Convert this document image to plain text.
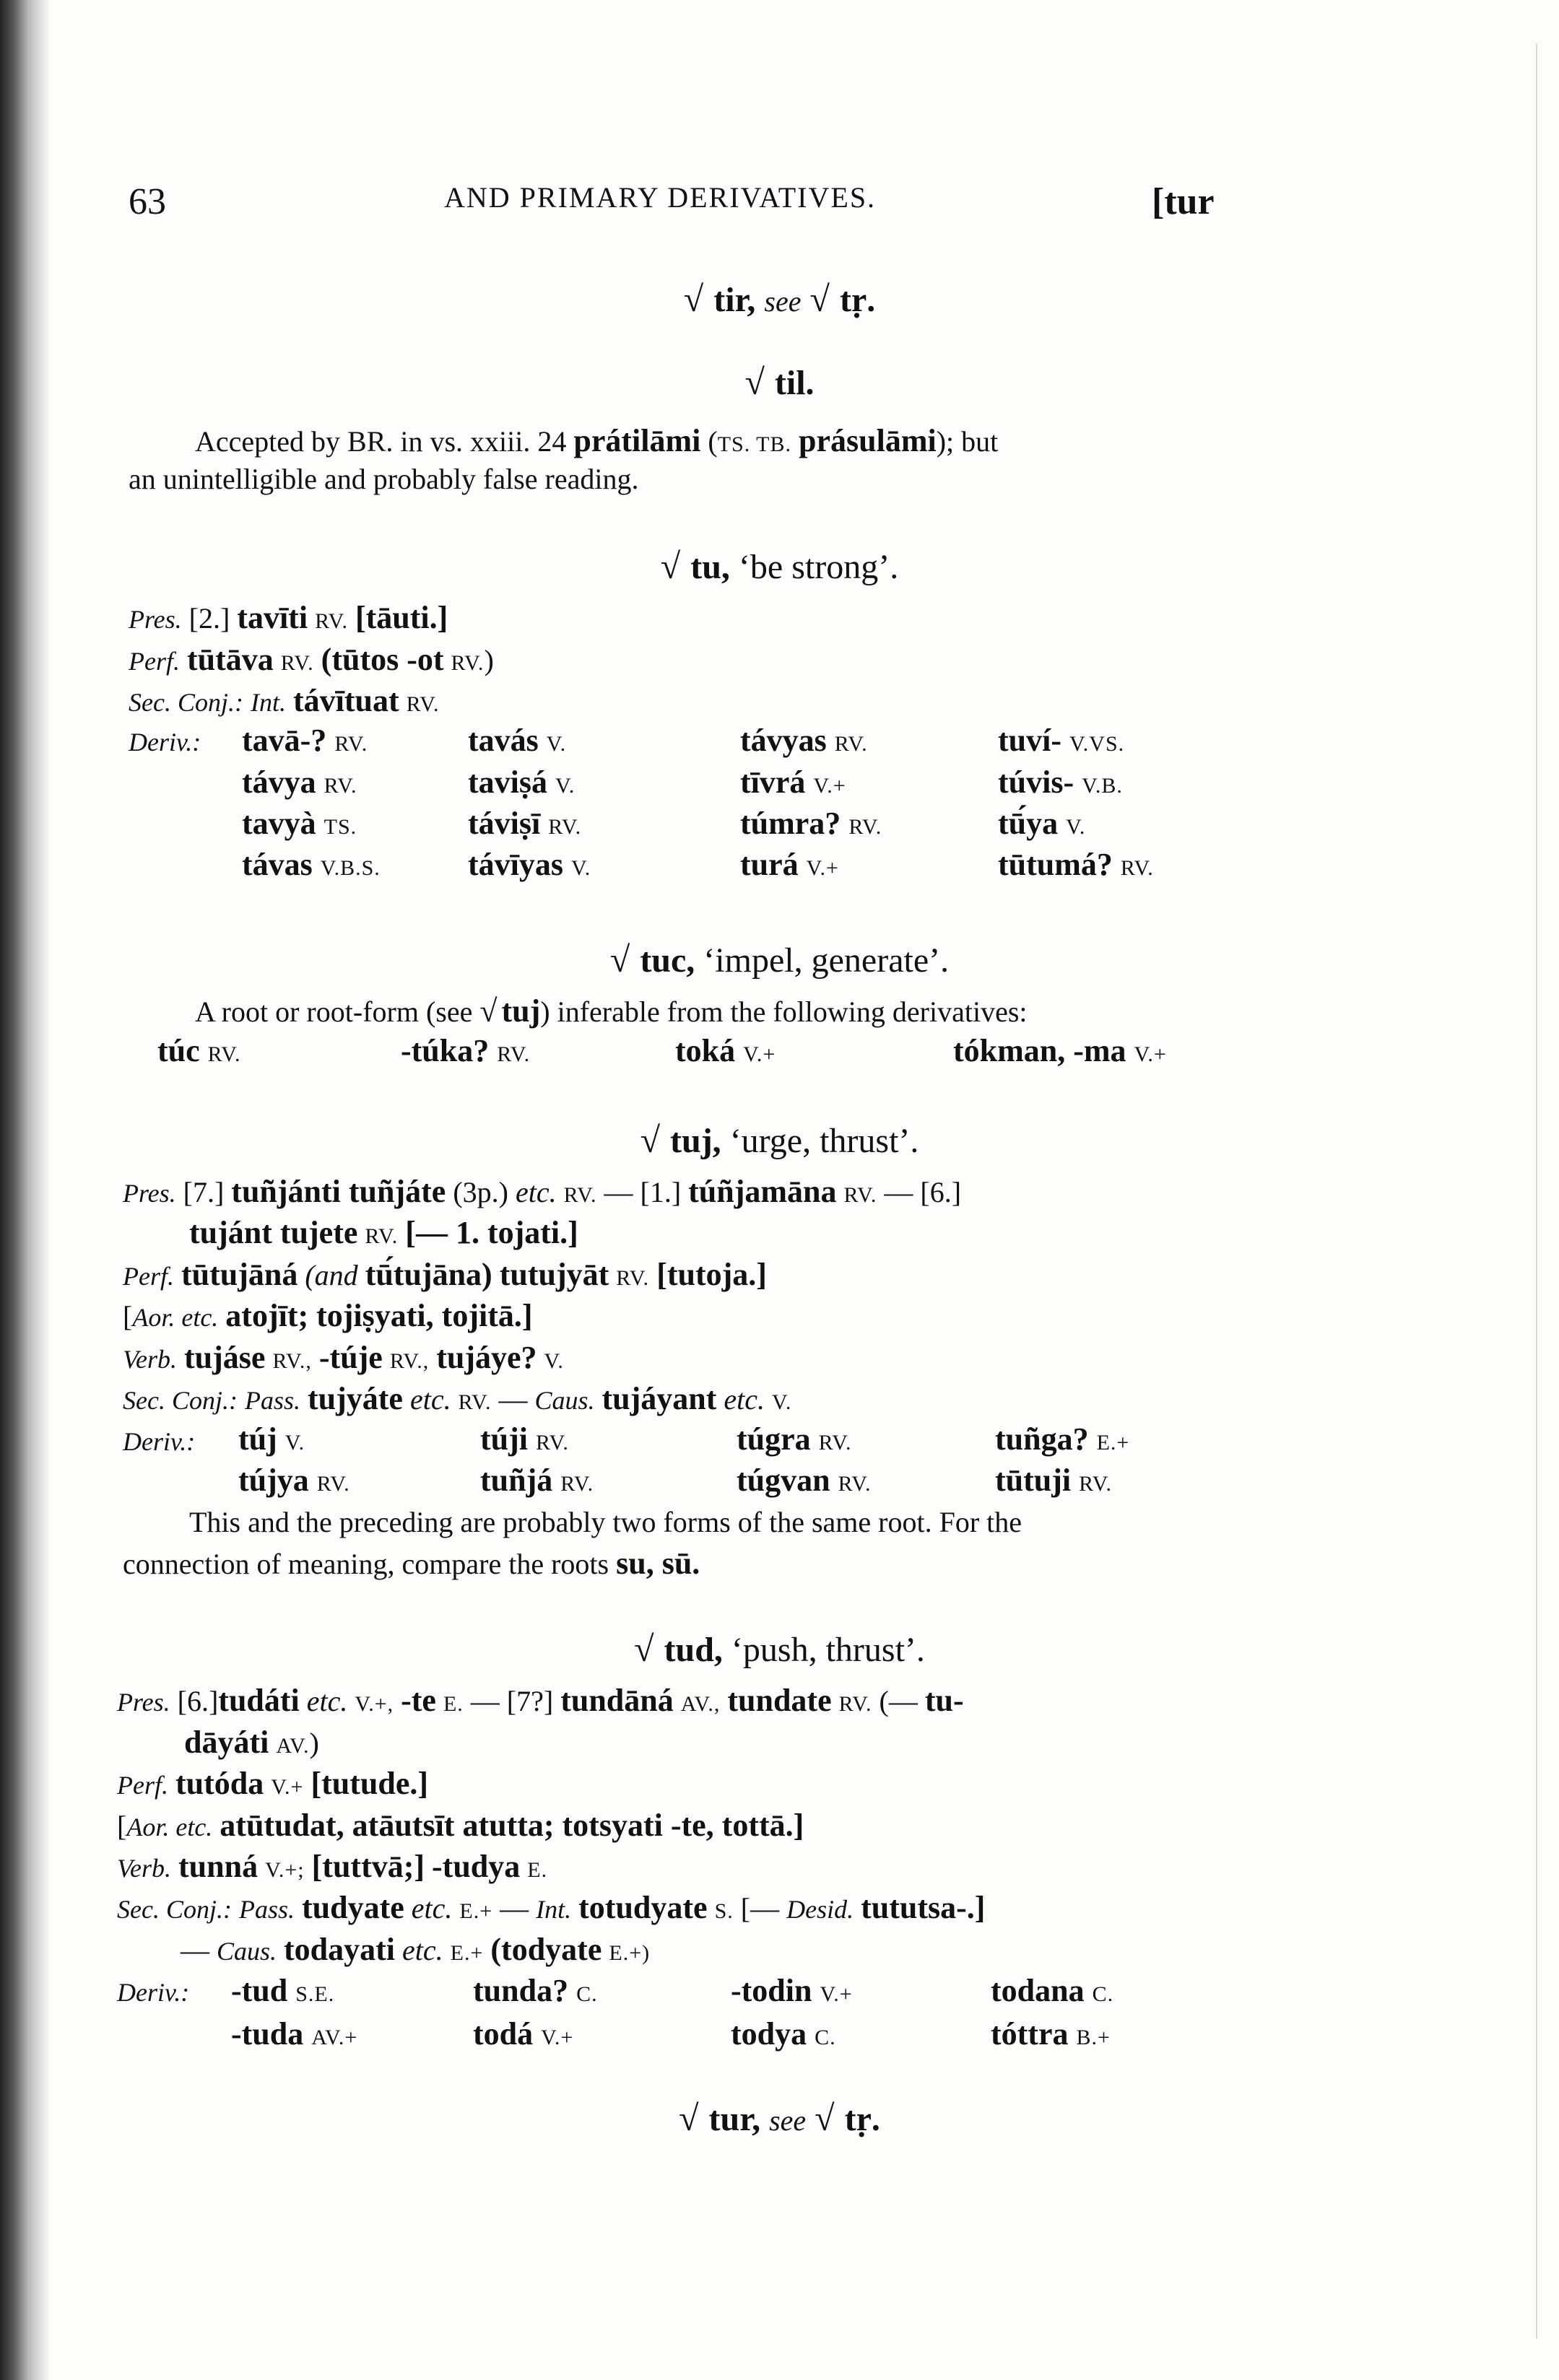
63	AND PRIMARY DERIVATIVES.	[tur
√ tir, see √ tṛ.
√ til.
Accepted by BR. in vs. xxiii. 24 prátilāmi (TS. TB. prásulāmi); but
an unintelligible and probably false reading.
√ tu, ‘be strong’.
Pres. [2.] tavīti RV. [tāuti.]
Perf. tūtāva RV. (tūtos -ot RV.)
Sec. Conj.: Int. távītuat RV.
Deriv.: tavā-? RV.	tavás V.	távyas RV.	tuví- V.VS.
távya RV.	taviṣá V.	tīvrá V.+	túvis- V.B.
tavyà TS.	táviṣī RV.	túmra? RV.	tū́ya V.
távas V.B.S.	távīyas V.	turá V.+	tūtumá? RV.
√ tuc, ‘impel, generate’.
A root or root-form (see √ tuj) inferable from the following derivatives:
túc RV.	-túka? RV.	toká V.+	tókman, -ma V.+
√ tuj, ‘urge, thrust’.
Pres. [7.] tuñjánti tuñjáte (3p.) etc. RV. — [1.] túñjamāna RV. — [6.]
tujánt tujete RV. [— 1. tojati.]
Perf. tūtujāná (and tū́tujāna) tutujyāt RV. [tutoja.]
[Aor. etc. atojīt; tojiṣyati, tojitā.]
Verb. tujáse RV., -túje RV., tujáye? V.
Sec. Conj.: Pass. tujyáte etc. RV. — Caus. tujáyant etc. V.
Deriv.: túj V.	túji RV.	túgra RV.	tuñga? E.+
tújya RV.	tuñjá RV.	túgvan RV.	tūtuji RV.
This and the preceding are probably two forms of the same root. For the
connection of meaning, compare the roots su, sū.
√ tud, ‘push, thrust’.
Pres. [6.]tudáti etc. V.+, -te E. — [7?] tundāná AV., tundate RV. (— tu-
dāyáti AV.)
Perf. tutóda V.+ [tutude.]
[Aor. etc. atūtudat, atāutsīt atutta; totsyati -te, tottā.]
Verb. tunná V.+; [tuttvā;] -tudya E.
Sec. Conj.: Pass. tudyate etc. E.+ — Int. totudyate S. [— Desid. tututsa-.]
— Caus. todayati etc. E.+ (todyate E.+)
Deriv.: -tud S.E.	tunda? C.	-todin V.+	todana C.
-tuda AV.+	todá V.+	todya C.	tóttra B.+
√ tur, see √ tṛ.
